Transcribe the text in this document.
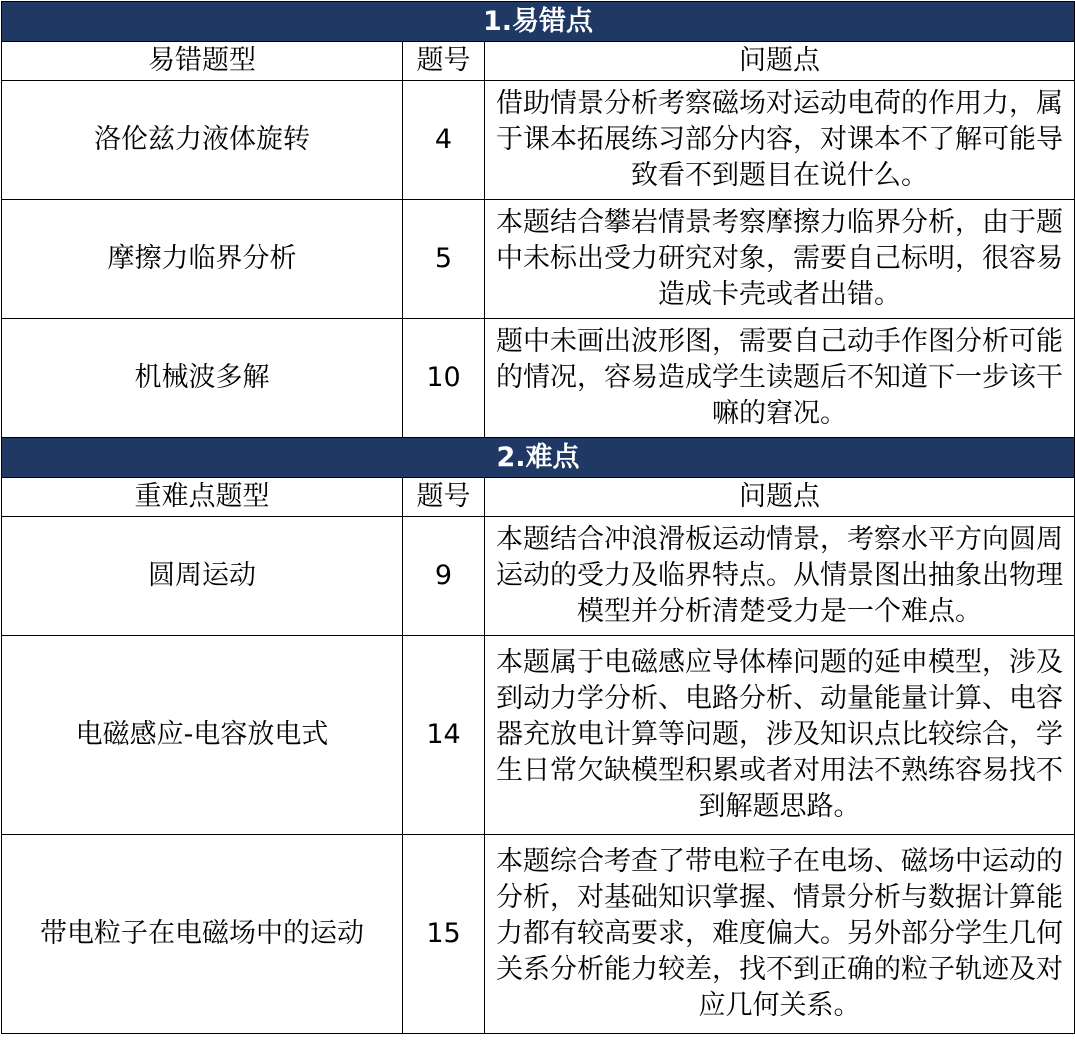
1.易错点		
易错题型	题号	问题点
洛伦兹力液体旋转	4	借助情景分析考察磁场对运动电荷的作用力，属于课本拓展练习部分内容，对课本不了解可能导致看不到题目在说什么。
摩擦力临界分析	5	本题结合攀岩情景考察摩擦力临界分析，由于题中未标出受力研究对象，需要自己标明，很容易造成卡壳或者出错。
机械波多解	10	题中未画出波形图，需要自己动手作图分析可能的情况，容易造成学生读题后不知道下一步该干嘛的窘况。
2.难点		
重难点题型	题号	问题点
圆周运动	9	本题结合冲浪滑板运动情景，考察水平方向圆周运动的受力及临界特点。从情景图出抽象出物理模型并分析清楚受力是一个难点。
电磁感应-电容放电式	14	本题属于电磁感应导体棒问题的延申模型，涉及到动力学分析、电路分析、动量能量计算、电容器充放电计算等问题，涉及知识点比较综合，学生日常欠缺模型积累或者对用法不熟练容易找不到解题思路。
带电粒子在电磁场中的运动	15	本题综合考查了带电粒子在电场、磁场中运动的分析，对基础知识掌握、情景分析与数据计算能力都有较高要求，难度偏大。另外部分学生几何关系分析能力较差，找不到正确的粒子轨迹及对应几何关系。
